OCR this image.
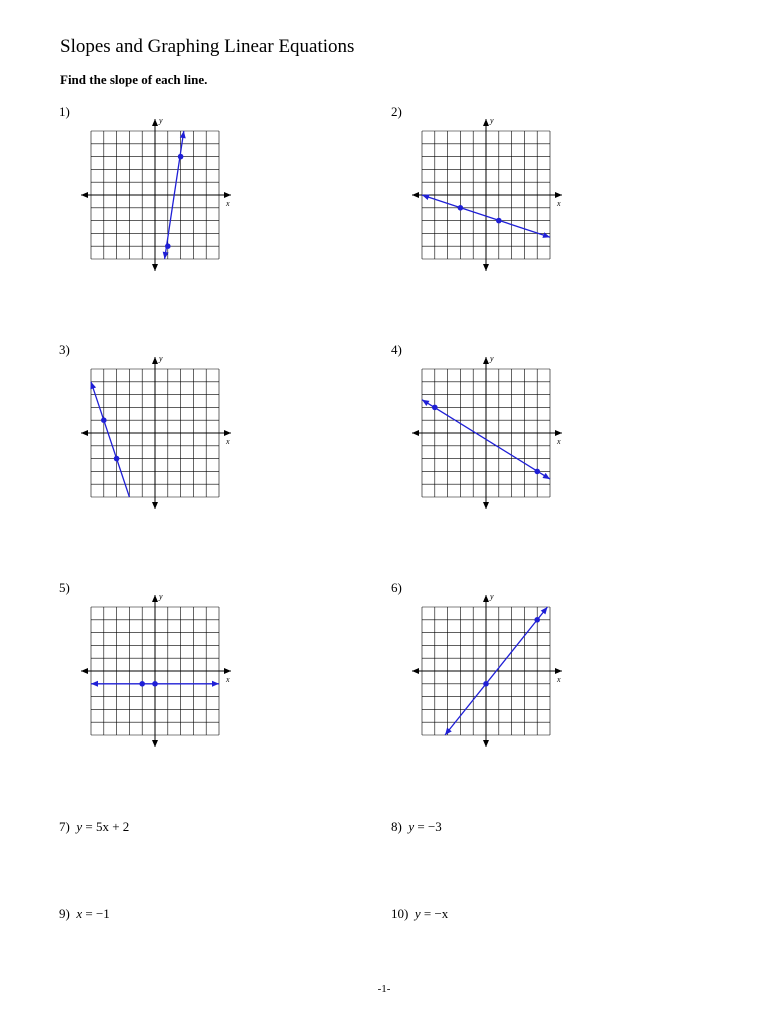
Slopes and Graphing Linear Equations
Find the slope of each line.
1)	2)
3)	4)
5)	6)
x
y
x
y
x
y
x
y
x
y
x
y
7) y = 5x + 2	8) y = −3
9) x = −1	10) y = −x
-1-
